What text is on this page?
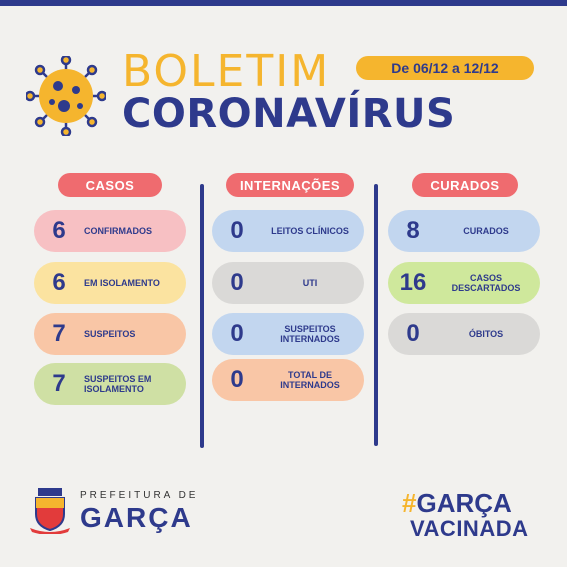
BOLETIM
CORONAVÍRUS
De 06/12 a 12/12
CASOS	INTERNAÇÕES	CURADOS
6	CONFIRMADOS
6	EM ISOLAMENTO
7	SUSPEITOS
7	SUSPEITOS EM ISOLAMENTO
0	LEITOS CLÍNICOS
0	UTI
0	SUSPEITOS INTERNADOS
0	TOTAL DE INTERNADOS
8	CURADOS
16	CASOS DESCARTADOS
0	ÓBITOS
PREFEITURA DE
GARÇA	#GARÇA
VACINADA
